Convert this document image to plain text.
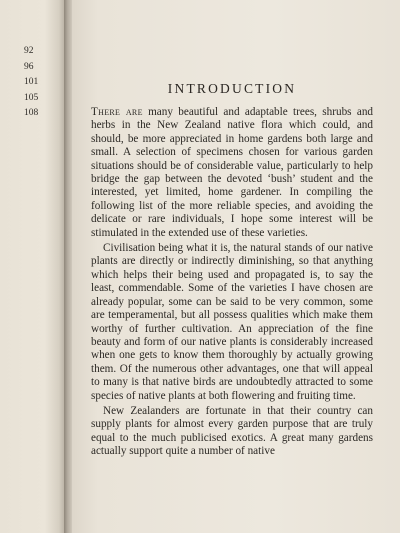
92
96
101
105
108
INTRODUCTION

There are many beautiful and adaptable trees, shrubs and herbs in the New Zealand native flora which could, and should, be more appreciated in home gardens both large and small. A selection of specimens chosen for various garden situations should be of considerable value, particularly to help bridge the gap between the devoted ‘bush’ student and the interested, yet limited, home gardener. In compiling the following list of the more reliable species, and avoiding the delicate or rare individuals, I hope some interest will be stimulated in the extended use of these varieties.

Civilisation being what it is, the natural stands of our native plants are directly or indirectly diminishing, so that anything which helps their being used and propagated is, to say the least, commendable. Some of the varieties I have chosen are already popular, some can be said to be very common, some are temperamental, but all possess qualities which make them worthy of further cultivation. An appreciation of the fine beauty and form of our native plants is considerably increased when one gets to know them thoroughly by actually growing them. Of the numerous other advantages, one that will appeal to many is that native birds are undoubtedly attracted to some species of native plants at both flowering and fruiting time.

New Zealanders are fortunate in that their country can supply plants for almost every garden purpose that are truly equal to the much publicised exotics. A great many gardens actually support quite a number of native
